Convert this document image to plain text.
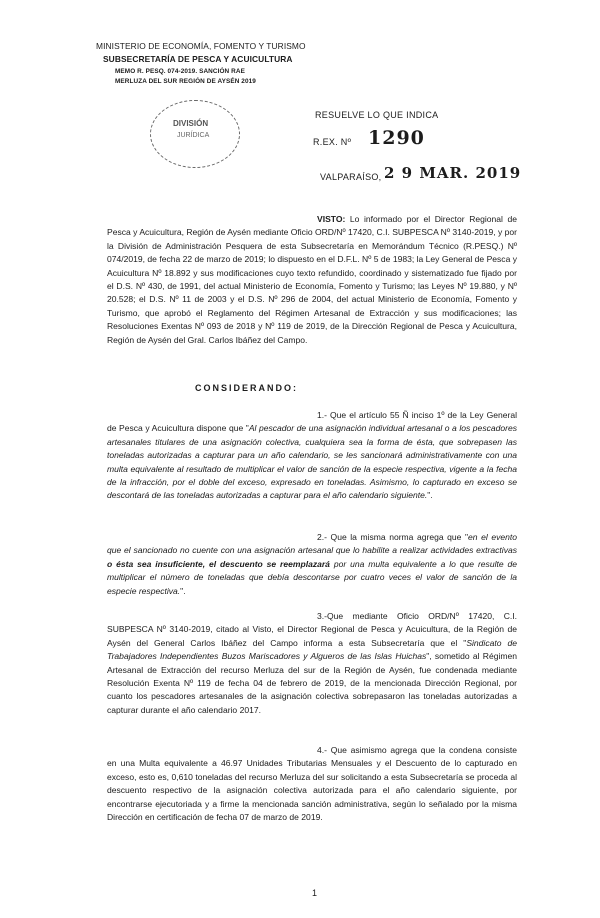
MINISTERIO DE ECONOMÍA, FOMENTO Y TURISMO
SUBSECRETARÍA DE PESCA Y ACUICULTURA
MEMO R. PESQ. 074-2019. SANCIÓN RAE
MERLUZA DEL SUR REGIÓN DE AYSÉN 2019
DIVISIÓN
JURÍDICA
RESUELVE LO QUE INDICA
R.EX. Nº 1290
VALPARAÍSO, 2 9 MAR. 2019

VISTO: Lo informado por el Director Regional de Pesca y Acuicultura, Región de Aysén mediante Oficio ORD/Nº 17420, C.I. SUBPESCA Nº 3140-2019, y por la División de Administración Pesquera de esta Subsecretaría en Memorándum Técnico (R.PESQ.) Nº 074/2019, de fecha 22 de marzo de 2019; lo dispuesto en el D.F.L. Nº 5 de 1983; la Ley General de Pesca y Acuicultura Nº 18.892 y sus modificaciones cuyo texto refundido, coordinado y sistematizado fue fijado por el D.S. Nº 430, de 1991, del actual Ministerio de Economía, Fomento y Turismo; las Leyes Nº 19.880, y Nº 20.528; el D.S. Nº 11 de 2003 y el D.S. Nº 296 de 2004, del actual Ministerio de Economía, Fomento y Turismo, que aprobó el Reglamento del Régimen Artesanal de Extracción y sus modificaciones; las Resoluciones Exentas Nº 093 de 2018 y Nº 119 de 2019, de la Dirección Regional de Pesca y Acuicultura, Región de Aysén del Gral. Carlos Ibáñez del Campo.

CONSIDERANDO:

1.- Que el artículo 55 Ñ inciso 1º de la Ley General de Pesca y Acuicultura dispone que "Al pescador de una asignación individual artesanal o a los pescadores artesanales titulares de una asignación colectiva, cualquiera sea la forma de ésta, que sobrepasen las toneladas autorizadas a capturar para un año calendario, se les sancionará administrativamente con una multa equivalente al resultado de multiplicar el valor de sanción de la especie respectiva, vigente a la fecha de la infracción, por el doble del exceso, expresado en toneladas. Asimismo, lo capturado en exceso se descontará de las toneladas autorizadas a capturar para el año calendario siguiente.".

2.- Que la misma norma agrega que "en el evento que el sancionado no cuente con una asignación artesanal que lo habilite a realizar actividades extractivas o ésta sea insuficiente, el descuento se reemplazará por una multa equivalente a lo que resulte de multiplicar el número de toneladas que debía descontarse por cuatro veces el valor de sanción de la especie respectiva.".

3.-Que mediante Oficio ORD/Nº 17420, C.I. SUBPESCA Nº 3140-2019, citado al Visto, el Director Regional de Pesca y Acuicultura, de la Región de Aysén del General Carlos Ibáñez del Campo informa a esta Subsecretaría que el "Sindicato de Trabajadores Independientes Buzos Mariscadores y Algueros de las Islas Huichas", sometido al Régimen Artesanal de Extracción del recurso Merluza del sur de la Región de Aysén, fue condenada mediante Resolución Exenta Nº 119 de fecha 04 de febrero de 2019, de la mencionada Dirección Regional, por cuanto los pescadores artesanales de la asignación colectiva sobrepasaron las toneladas autorizadas a capturar durante el año calendario 2017.

4.- Que asimismo agrega que la condena consiste en una Multa equivalente a 46.97 Unidades Tributarias Mensuales y el Descuento de lo capturado en exceso, esto es, 0,610 toneladas del recurso Merluza del sur solicitando a esta Subsecretaría se proceda al descuento respectivo de la asignación colectiva autorizada para el año calendario siguiente, por encontrarse ejecutoriada y a firme la mencionada sanción administrativa, según lo señalado por la misma Dirección en certificación de fecha 07 de marzo de 2019.

1
